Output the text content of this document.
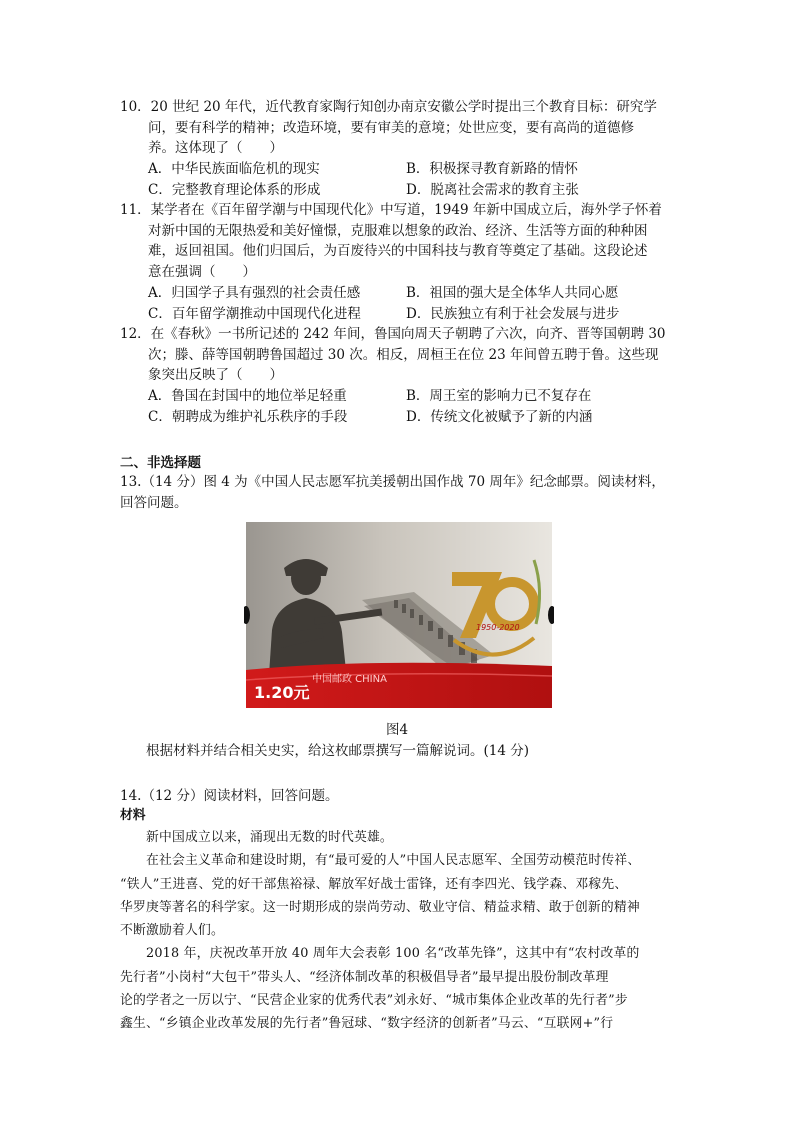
10．20 世纪 20 年代，近代教育家陶行知创办南京安徽公学时提出三个教育目标：研究学
问，要有科学的精神；改造环境，要有审美的意境；处世应变，要有高尚的道德修
养。这体现了（　　）
A．中华民族面临危机的现实	B．积极探寻教育新路的情怀
C．完整教育理论体系的形成	D．脱离社会需求的教育主张
11．某学者在《百年留学潮与中国现代化》中写道，1949 年新中国成立后，海外学子怀着
对新中国的无限热爱和美好憧憬，克服难以想象的政治、经济、生活等方面的种种困
难，返回祖国。他们归国后，为百废待兴的中国科技与教育等奠定了基础。这段论述
意在强调（　　）
A．归国学子具有强烈的社会责任感	B．祖国的强大是全体华人共同心愿
C．百年留学潮推动中国现代化进程	D．民族独立有利于社会发展与进步
12．在《春秋》一书所记述的 242 年间，鲁国向周天子朝聘了六次，向齐、晋等国朝聘 30
次；滕、薛等国朝聘鲁国超过 30 次。相反，周桓王在位 23 年间曾五聘于鲁。这些现
象突出反映了（　　）
A．鲁国在封国中的地位举足轻重	B．周王室的影响力已不复存在
C．朝聘成为维护礼乐秩序的手段	D．传统文化被赋予了新的内涵
二、非选择题
13.（14 分）图 4 为《中国人民志愿军抗美援朝出国作战 70 周年》纪念邮票。阅读材料，
回答问题。
1950-2020
1.20元
中国邮政 CHINA
图4
根据材料并结合相关史实，给这枚邮票撰写一篇解说词。(14 分)
14.（12 分）阅读材料，回答问题。
材料

　　新中国成立以来，涌现出无数的时代英雄。

　　在社会主义革命和建设时期，有“最可爱的人”中国人民志愿军、全国劳动模范时传祥、

“铁人”王进喜、党的好干部焦裕禄、解放军好战士雷锋，还有李四光、钱学森、邓稼先、

华罗庚等著名的科学家。这一时期形成的崇尚劳动、敬业守信、精益求精、敢于创新的精神

不断激励着人们。

　　2018 年，庆祝改革开放 40 周年大会表彰 100 名“改革先锋”，这其中有“农村改革的

先行者”小岗村“大包干”带头人、“经济体制改革的积极倡导者”最早提出股份制改革理

论的学者之一厉以宁、“民营企业家的优秀代表”刘永好、“城市集体企业改革的先行者”步

鑫生、“乡镇企业改革发展的先行者”鲁冠球、“数字经济的创新者”马云、“互联网+”行
